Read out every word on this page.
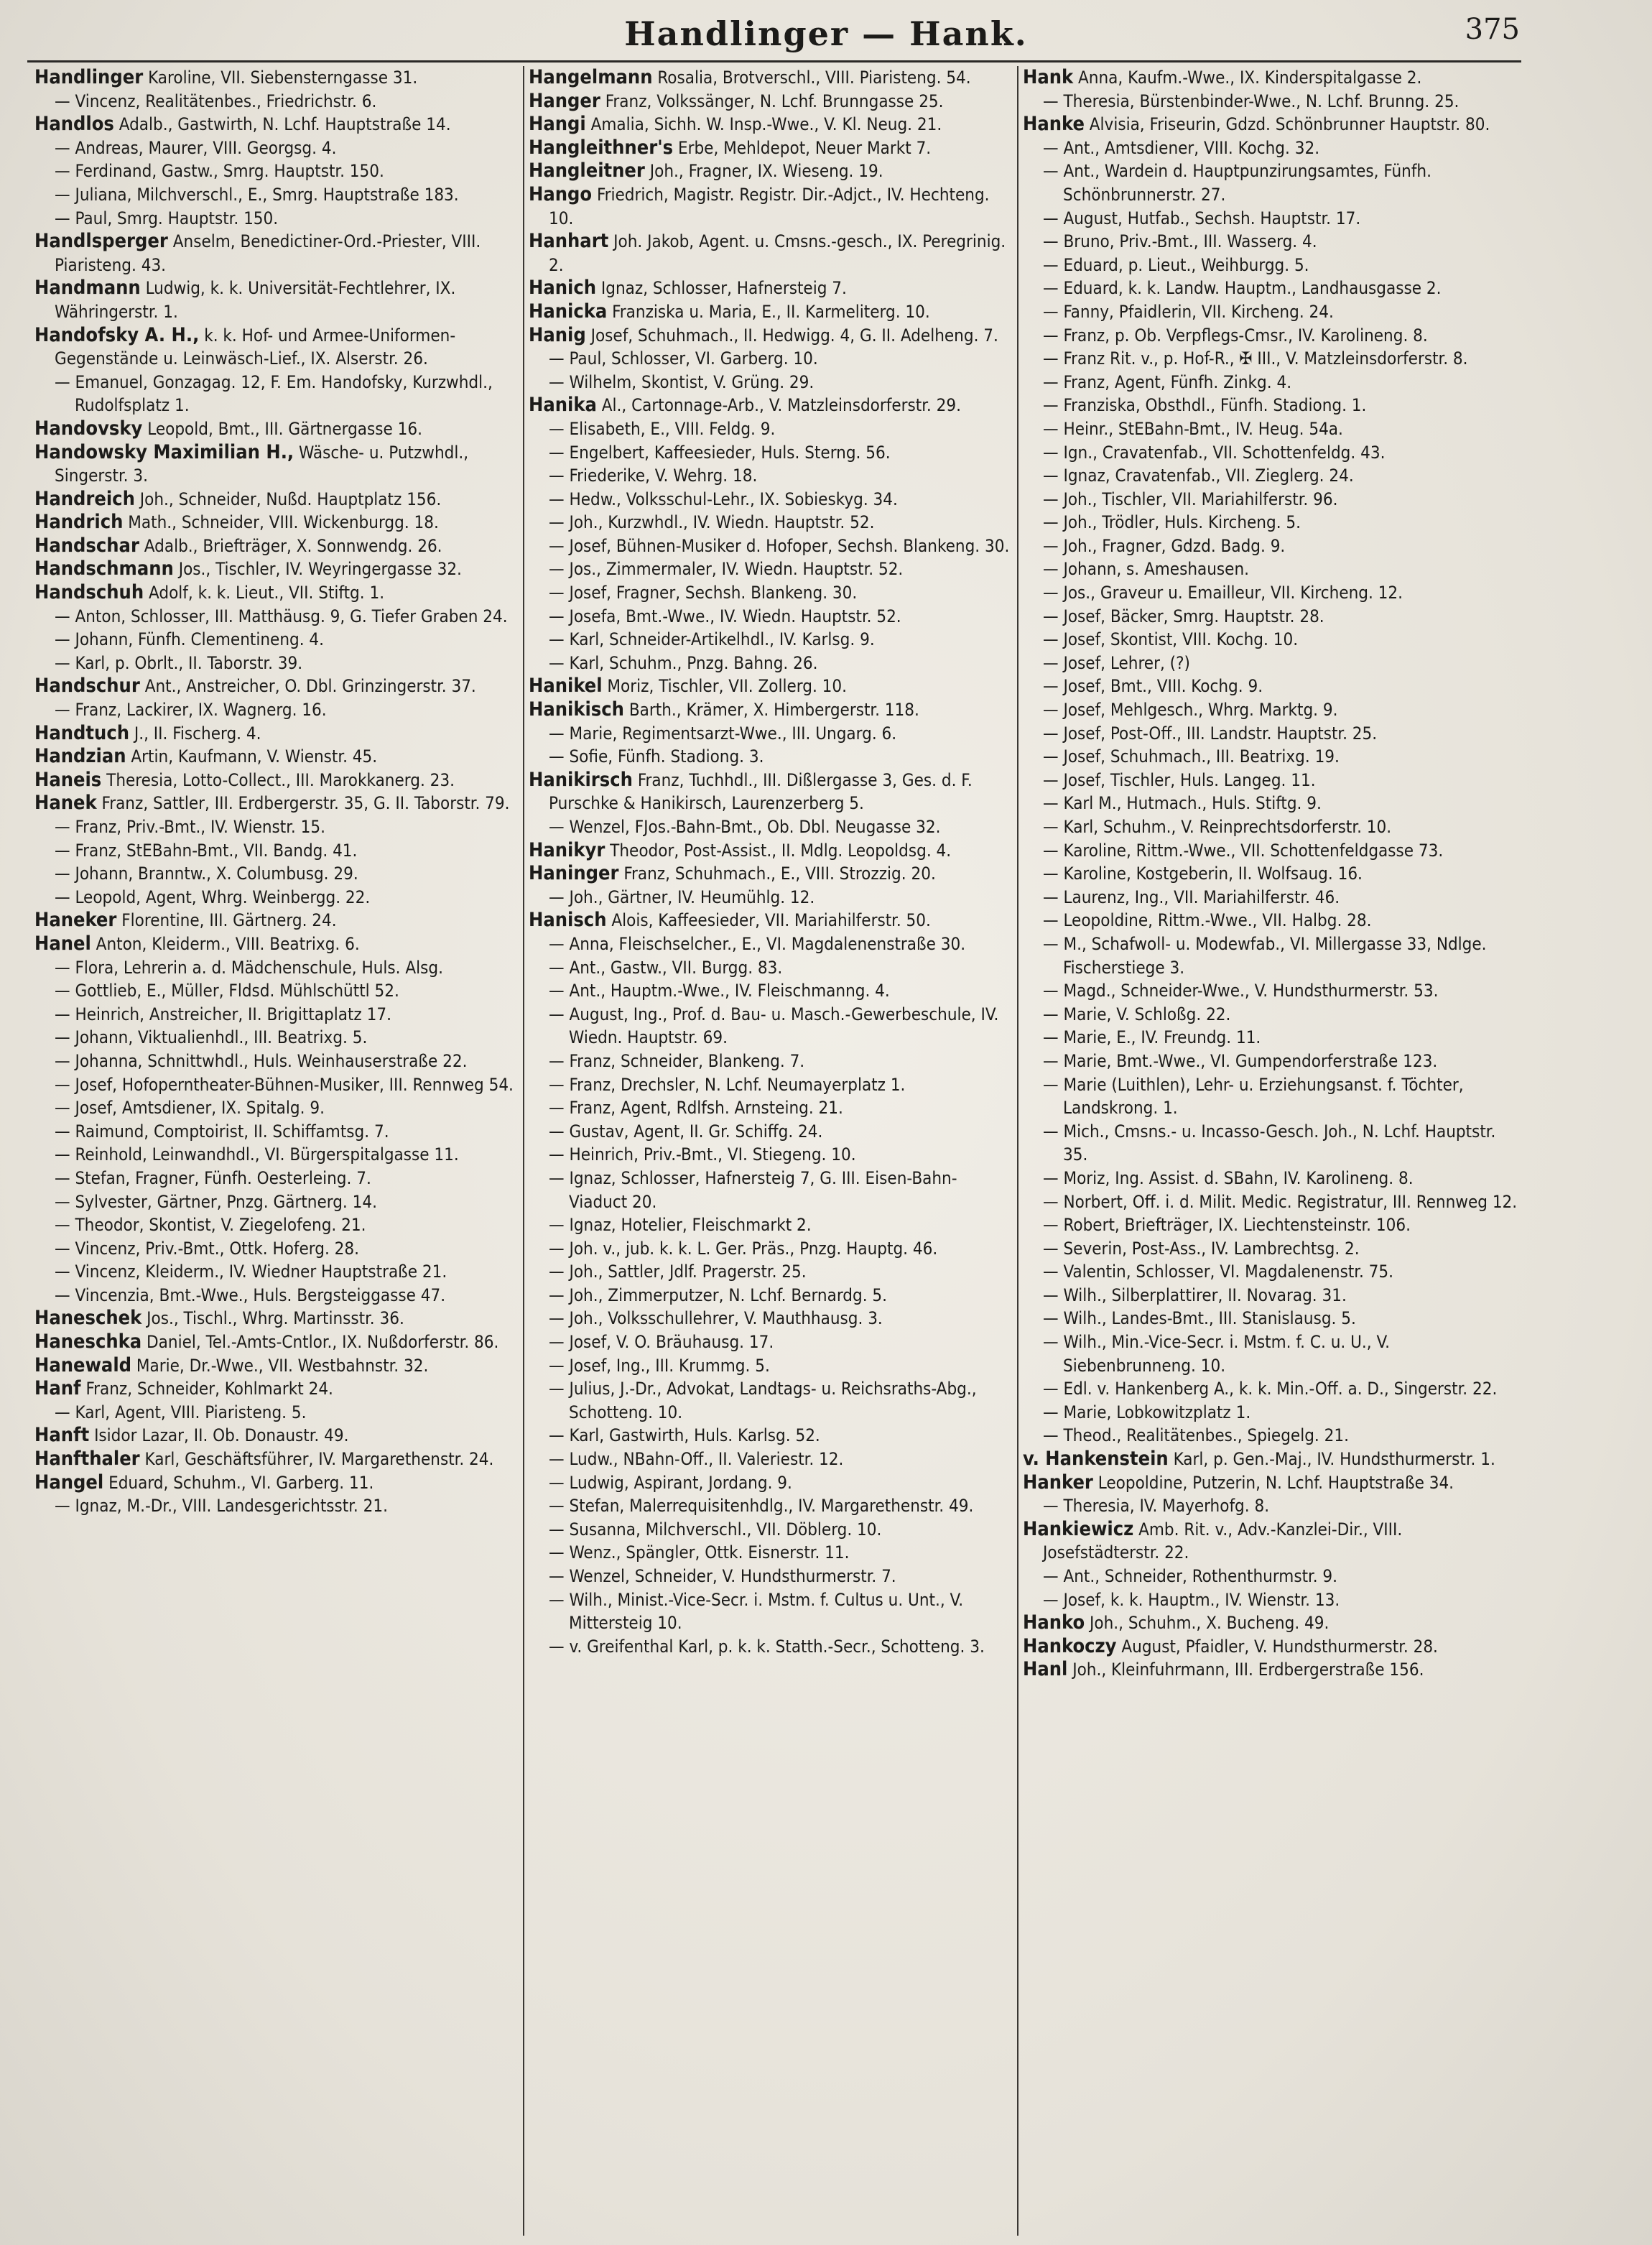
Handlinger — Hank.	375

Handlinger Karoline, VII. Siebensterngasse 31.

— Vincenz, Realitätenbes., Friedrichstr. 6.

Handlos Adalb., Gastwirth, N. Lchf. Hauptstraße 14.

— Andreas, Maurer, VIII. Georgsg. 4.

— Ferdinand, Gastw., Smrg. Hauptstr. 150.

— Juliana, Milchverschl., E., Smrg. Hauptstraße 183.

— Paul, Smrg. Hauptstr. 150.

Handlsperger Anselm, Benedictiner-Ord.-Priester, VIII. Piaristeng. 43.

Handmann Ludwig, k. k. Universität-Fechtlehrer, IX. Währingerstr. 1.

Handofsky A. H., k. k. Hof- und Armee-Uniformen-Gegenstände u. Leinwäsch-Lief., IX. Alserstr. 26.

— Emanuel, Gonzagag. 12, F. Em. Handofsky, Kurzwhdl., Rudolfsplatz 1.

Handovsky Leopold, Bmt., III. Gärtnergasse 16.

Handowsky Maximilian H., Wäsche- u. Putzwhdl., Singerstr. 3.

Handreich Joh., Schneider, Nußd. Hauptplatz 156.

Handrich Math., Schneider, VIII. Wickenburgg. 18.

Handschar Adalb., Briefträger, X. Sonnwendg. 26.

Handschmann Jos., Tischler, IV. Weyringergasse 32.

Handschuh Adolf, k. k. Lieut., VII. Stiftg. 1.

— Anton, Schlosser, III. Matthäusg. 9, G. Tiefer Graben 24.

— Johann, Fünfh. Clementineng. 4.

— Karl, p. Obrlt., II. Taborstr. 39.

Handschur Ant., Anstreicher, O. Dbl. Grinzingerstr. 37.

— Franz, Lackirer, IX. Wagnerg. 16.

Handtuch J., II. Fischerg. 4.

Handzian Artin, Kaufmann, V. Wienstr. 45.

Haneis Theresia, Lotto-Collect., III. Marokkanerg. 23.

Hanek Franz, Sattler, III. Erdbergerstr. 35, G. II. Taborstr. 79.

— Franz, Priv.-Bmt., IV. Wienstr. 15.

— Franz, StEBahn-Bmt., VII. Bandg. 41.

— Johann, Branntw., X. Columbusg. 29.

— Leopold, Agent, Whrg. Weinbergg. 22.

Haneker Florentine, III. Gärtnerg. 24.

Hanel Anton, Kleiderm., VIII. Beatrixg. 6.

— Flora, Lehrerin a. d. Mädchenschule, Huls. Alsg.

— Gottlieb, E., Müller, Fldsd. Mühlschüttl 52.

— Heinrich, Anstreicher, II. Brigittaplatz 17.

— Johann, Viktualienhdl., III. Beatrixg. 5.

— Johanna, Schnittwhdl., Huls. Weinhauserstraße 22.

— Josef, Hofoperntheater-Bühnen-Musiker, III. Rennweg 54.

— Josef, Amtsdiener, IX. Spitalg. 9.

— Raimund, Comptoirist, II. Schiffamtsg. 7.

— Reinhold, Leinwandhdl., VI. Bürgerspitalgasse 11.

— Stefan, Fragner, Fünfh. Oesterleing. 7.

— Sylvester, Gärtner, Pnzg. Gärtnerg. 14.

— Theodor, Skontist, V. Ziegelofeng. 21.

— Vincenz, Priv.-Bmt., Ottk. Hoferg. 28.

— Vincenz, Kleiderm., IV. Wiedner Hauptstraße 21.

— Vincenzia, Bmt.-Wwe., Huls. Bergsteiggasse 47.

Haneschek Jos., Tischl., Whrg. Martinsstr. 36.

Haneschka Daniel, Tel.-Amts-Cntlor., IX. Nußdorferstr. 86.

Hanewald Marie, Dr.-Wwe., VII. Westbahnstr. 32.

Hanf Franz, Schneider, Kohlmarkt 24.

— Karl, Agent, VIII. Piaristeng. 5.

Hanft Isidor Lazar, II. Ob. Donaustr. 49.

Hanfthaler Karl, Geschäftsführer, IV. Margarethenstr. 24.

Hangel Eduard, Schuhm., VI. Garberg. 11.

— Ignaz, M.-Dr., VIII. Landesgerichtsstr. 21.

Hangelmann Rosalia, Brotverschl., VIII. Piaristeng. 54.

Hanger Franz, Volkssänger, N. Lchf. Brunngasse 25.

Hangi Amalia, Sichh. W. Insp.-Wwe., V. Kl. Neug. 21.

Hangleithner's Erbe, Mehldepot, Neuer Markt 7.

Hangleitner Joh., Fragner, IX. Wieseng. 19.

Hango Friedrich, Magistr. Registr. Dir.-Adjct., IV. Hechteng. 10.

Hanhart Joh. Jakob, Agent. u. Cmsns.-gesch., IX. Peregrinig. 2.

Hanich Ignaz, Schlosser, Hafnersteig 7.

Hanicka Franziska u. Maria, E., II. Karmeliterg. 10.

Hanig Josef, Schuhmach., II. Hedwigg. 4, G. II. Adelheng. 7.

— Paul, Schlosser, VI. Garberg. 10.

— Wilhelm, Skontist, V. Grüng. 29.

Hanika Al., Cartonnage-Arb., V. Matzleinsdorferstr. 29.

— Elisabeth, E., VIII. Feldg. 9.

— Engelbert, Kaffeesieder, Huls. Sterng. 56.

— Friederike, V. Wehrg. 18.

— Hedw., Volksschul-Lehr., IX. Sobieskyg. 34.

— Joh., Kurzwhdl., IV. Wiedn. Hauptstr. 52.

— Josef, Bühnen-Musiker d. Hofoper, Sechsh. Blankeng. 30.

— Jos., Zimmermaler, IV. Wiedn. Hauptstr. 52.

— Josef, Fragner, Sechsh. Blankeng. 30.

— Josefa, Bmt.-Wwe., IV. Wiedn. Hauptstr. 52.

— Karl, Schneider-Artikelhdl., IV. Karlsg. 9.

— Karl, Schuhm., Pnzg. Bahng. 26.

Hanikel Moriz, Tischler, VII. Zollerg. 10.

Hanikisch Barth., Krämer, X. Himbergerstr. 118.

— Marie, Regimentsarzt-Wwe., III. Ungarg. 6.

— Sofie, Fünfh. Stadiong. 3.

Hanikirsch Franz, Tuchhdl., III. Dißlergasse 3, Ges. d. F. Purschke & Hanikirsch, Laurenzerberg 5.

— Wenzel, FJos.-Bahn-Bmt., Ob. Dbl. Neugasse 32.

Hanikyr Theodor, Post-Assist., II. Mdlg. Leopoldsg. 4.

Haninger Franz, Schuhmach., E., VIII. Strozzig. 20.

— Joh., Gärtner, IV. Heumühlg. 12.

Hanisch Alois, Kaffeesieder, VII. Mariahilferstr. 50.

— Anna, Fleischselcher., E., VI. Magdalenenstraße 30.

— Ant., Gastw., VII. Burgg. 83.

— Ant., Hauptm.-Wwe., IV. Fleischmanng. 4.

— August, Ing., Prof. d. Bau- u. Masch.-Gewerbeschule, IV. Wiedn. Hauptstr. 69.

— Franz, Schneider, Blankeng. 7.

— Franz, Drechsler, N. Lchf. Neumayerplatz 1.

— Franz, Agent, Rdlfsh. Arnsteing. 21.

— Gustav, Agent, II. Gr. Schiffg. 24.

— Heinrich, Priv.-Bmt., VI. Stiegeng. 10.

— Ignaz, Schlosser, Hafnersteig 7, G. III. Eisen-Bahn-Viaduct 20.

— Ignaz, Hotelier, Fleischmarkt 2.

— Joh. v., jub. k. k. L. Ger. Präs., Pnzg. Hauptg. 46.

— Joh., Sattler, Jdlf. Pragerstr. 25.

— Joh., Zimmerputzer, N. Lchf. Bernardg. 5.

— Joh., Volksschullehrer, V. Mauthhausg. 3.

— Josef, V. O. Bräuhausg. 17.

— Josef, Ing., III. Krummg. 5.

— Julius, J.-Dr., Advokat, Landtags- u. Reichsraths-Abg., Schotteng. 10.

— Karl, Gastwirth, Huls. Karlsg. 52.

— Ludw., NBahn-Off., II. Valeriestr. 12.

— Ludwig, Aspirant, Jordang. 9.

— Stefan, Malerrequisitenhdlg., IV. Margarethenstr. 49.

— Susanna, Milchverschl., VII. Döblerg. 10.

— Wenz., Spängler, Ottk. Eisnerstr. 11.

— Wenzel, Schneider, V. Hundsthurmerstr. 7.

— Wilh., Minist.-Vice-Secr. i. Mstm. f. Cultus u. Unt., V. Mittersteig 10.

— v. Greifenthal Karl, p. k. k. Statth.-Secr., Schotteng. 3.

Hank Anna, Kaufm.-Wwe., IX. Kinderspitalgasse 2.

— Theresia, Bürstenbinder-Wwe., N. Lchf. Brunng. 25.

Hanke Alvisia, Friseurin, Gdzd. Schönbrunner Hauptstr. 80.

— Ant., Amtsdiener, VIII. Kochg. 32.

— Ant., Wardein d. Hauptpunzirungsamtes, Fünfh. Schönbrunnerstr. 27.

— August, Hutfab., Sechsh. Hauptstr. 17.

— Bruno, Priv.-Bmt., III. Wasserg. 4.

— Eduard, p. Lieut., Weihburgg. 5.

— Eduard, k. k. Landw. Hauptm., Landhausgasse 2.

— Fanny, Pfaidlerin, VII. Kircheng. 24.

— Franz, p. Ob. Verpflegs-Cmsr., IV. Karolineng. 8.

— Franz Rit. v., p. Hof-R., ✠ III., V. Matzleinsdorferstr. 8.

— Franz, Agent, Fünfh. Zinkg. 4.

— Franziska, Obsthdl., Fünfh. Stadiong. 1.

— Heinr., StEBahn-Bmt., IV. Heug. 54a.

— Ign., Cravatenfab., VII. Schottenfeldg. 43.

— Ignaz, Cravatenfab., VII. Zieglerg. 24.

— Joh., Tischler, VII. Mariahilferstr. 96.

— Joh., Trödler, Huls. Kircheng. 5.

— Joh., Fragner, Gdzd. Badg. 9.

— Johann, s. Ameshausen.

— Jos., Graveur u. Emailleur, VII. Kircheng. 12.

— Josef, Bäcker, Smrg. Hauptstr. 28.

— Josef, Skontist, VIII. Kochg. 10.

— Josef, Lehrer, (?)

— Josef, Bmt., VIII. Kochg. 9.

— Josef, Mehlgesch., Whrg. Marktg. 9.

— Josef, Post-Off., III. Landstr. Hauptstr. 25.

— Josef, Schuhmach., III. Beatrixg. 19.

— Josef, Tischler, Huls. Langeg. 11.

— Karl M., Hutmach., Huls. Stiftg. 9.

— Karl, Schuhm., V. Reinprechtsdorferstr. 10.

— Karoline, Rittm.-Wwe., VII. Schottenfeldgasse 73.

— Karoline, Kostgeberin, II. Wolfsaug. 16.

— Laurenz, Ing., VII. Mariahilferstr. 46.

— Leopoldine, Rittm.-Wwe., VII. Halbg. 28.

— M., Schafwoll- u. Modewfab., VI. Millergasse 33, Ndlge. Fischerstiege 3.

— Magd., Schneider-Wwe., V. Hundsthurmerstr. 53.

— Marie, V. Schloßg. 22.

— Marie, E., IV. Freundg. 11.

— Marie, Bmt.-Wwe., VI. Gumpendorferstraße 123.

— Marie (Luithlen), Lehr- u. Erziehungsanst. f. Töchter, Landskrong. 1.

— Mich., Cmsns.- u. Incasso-Gesch. Joh., N. Lchf. Hauptstr. 35.

— Moriz, Ing. Assist. d. SBahn, IV. Karolineng. 8.

— Norbert, Off. i. d. Milit. Medic. Registratur, III. Rennweg 12.

— Robert, Briefträger, IX. Liechtensteinstr. 106.

— Severin, Post-Ass., IV. Lambrechtsg. 2.

— Valentin, Schlosser, VI. Magdalenenstr. 75.

— Wilh., Silberplattirer, II. Novarag. 31.

— Wilh., Landes-Bmt., III. Stanislausg. 5.

— Wilh., Min.-Vice-Secr. i. Mstm. f. C. u. U., V. Siebenbrunneng. 10.

— Edl. v. Hankenberg A., k. k. Min.-Off. a. D., Singerstr. 22.

— Marie, Lobkowitzplatz 1.

— Theod., Realitätenbes., Spiegelg. 21.

v. Hankenstein Karl, p. Gen.-Maj., IV. Hundsthurmerstr. 1.

Hanker Leopoldine, Putzerin, N. Lchf. Hauptstraße 34.

— Theresia, IV. Mayerhofg. 8.

Hankiewicz Amb. Rit. v., Adv.-Kanzlei-Dir., VIII. Josefstädterstr. 22.

— Ant., Schneider, Rothenthurmstr. 9.

— Josef, k. k. Hauptm., IV. Wienstr. 13.

Hanko Joh., Schuhm., X. Bucheng. 49.

Hankoczy August, Pfaidler, V. Hundsthurmerstr. 28.

Hanl Joh., Kleinfuhrmann, III. Erdbergerstraße 156.
